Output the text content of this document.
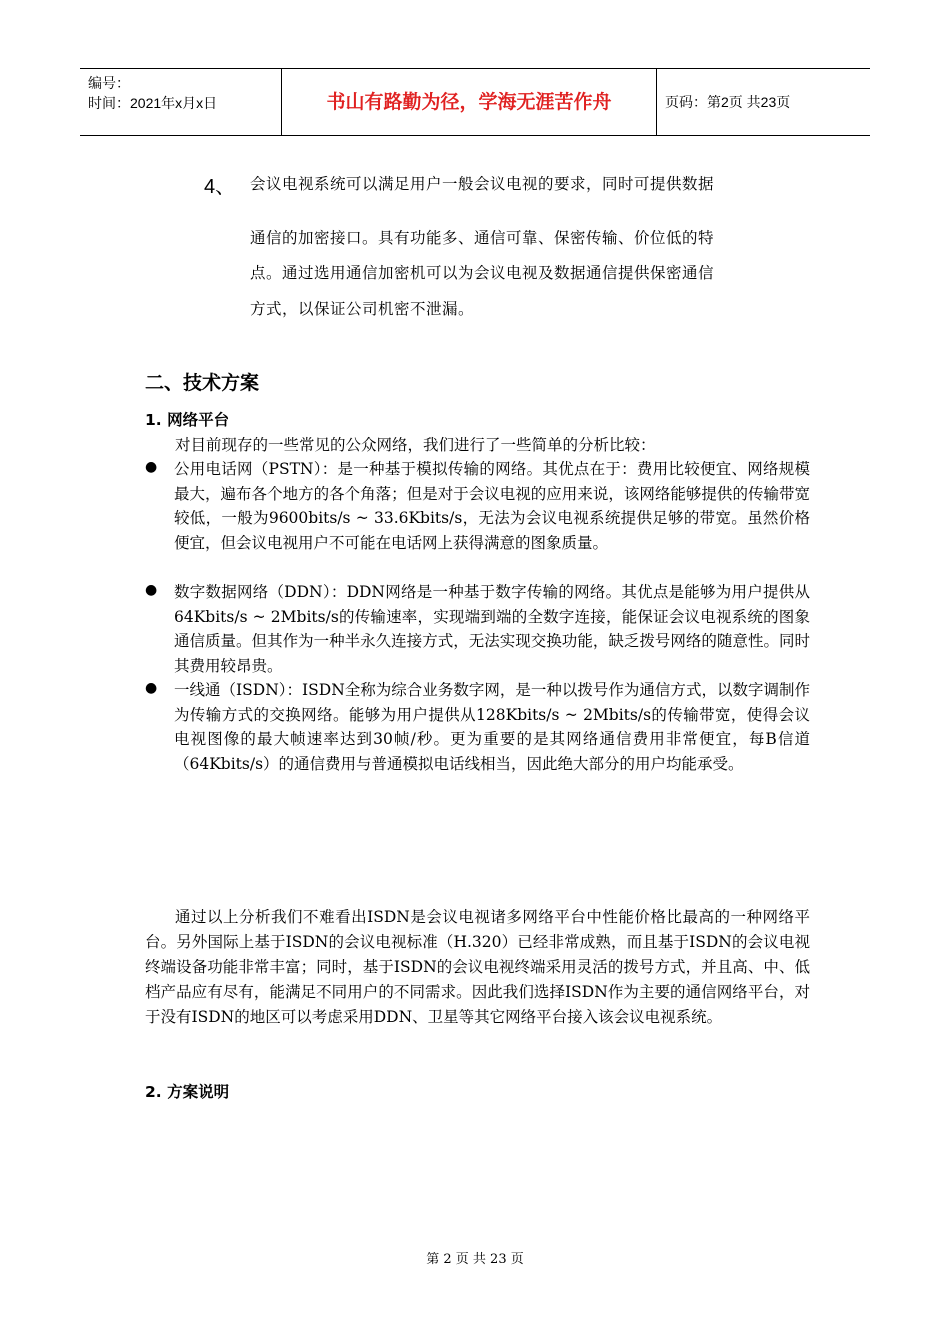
编号：
时间：2021年x月x日	书山有路勤为径，学海无涯苦作舟	页码：第2页 共23页
4、 会议电视系统可以满足用户一般会议电视的要求，同时可提供数据
通信的加密接口。具有功能多、通信可靠、保密传输、价位低的特
点。通过选用通信加密机可以为会议电视及数据通信提供保密通信
方式，以保证公司机密不泄漏。
二、技术方案
1. 网络平台
对目前现存的一些常见的公众网络，我们进行了一些简单的分析比较：
● 公用电话网（PSTN）：是一种基于模拟传输的网络。其优点在于：费用比较便宜、网络规模最大，遍布各个地方的各个角落；但是对于会议电视的应用来说，该网络能够提供的传输带宽较低，一般为9600bits/s ~ 33.6Kbits/s，无法为会议电视系统提供足够的带宽。虽然价格便宜，但会议电视用户不可能在电话网上获得满意的图象质量。
● 数字数据网络（DDN）：DDN网络是一种基于数字传输的网络。其优点是能够为用户提供从64Kbits/s ~ 2Mbits/s的传输速率，实现端到端的全数字连接，能保证会议电视系统的图象通信质量。但其作为一种半永久连接方式，无法实现交换功能，缺乏拨号网络的随意性。同时其费用较昂贵。
● 一线通（ISDN）：ISDN全称为综合业务数字网，是一种以拨号作为通信方式，以数字调制作为传输方式的交换网络。能够为用户提供从128Kbits/s ~ 2Mbits/s的传输带宽，使得会议电视图像的最大帧速率达到30帧/秒。更为重要的是其网络通信费用非常便宜，每B信道（64Kbits/s）的通信费用与普通模拟电话线相当，因此绝大部分的用户均能承受。
通过以上分析我们不难看出ISDN是会议电视诸多网络平台中性能价格比最高的一种网络平台。另外国际上基于ISDN的会议电视标准（H.320）已经非常成熟，而且基于ISDN的会议电视终端设备功能非常丰富；同时，基于ISDN的会议电视终端采用灵活的拨号方式，并且高、中、低档产品应有尽有，能满足不同用户的不同需求。因此我们选择ISDN作为主要的通信网络平台，对于没有ISDN的地区可以考虑采用DDN、卫星等其它网络平台接入该会议电视系统。
2. 方案说明
第 2 页 共 23 页
